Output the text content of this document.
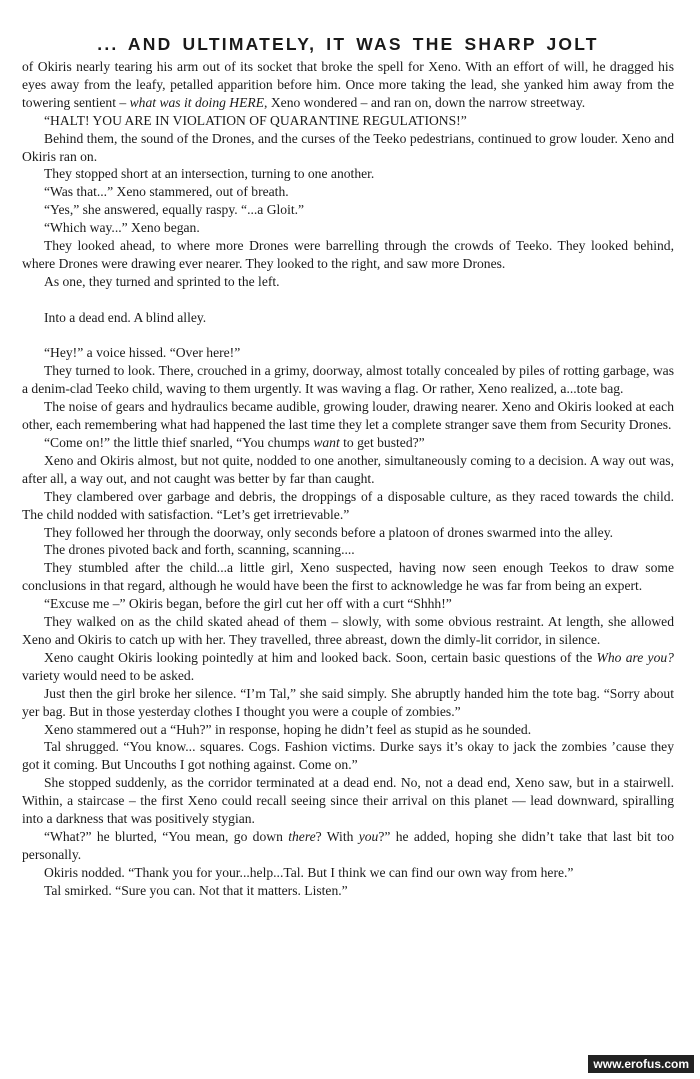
... AND ULTIMATELY, IT WAS THE SHARP JOLT

of Okiris nearly tearing his arm out of its socket that broke the spell for Xeno. With an effort of will, he dragged his eyes away from the leafy, petalled apparition before him. Once more taking the lead, she yanked him away from the towering sentient – what was it doing HERE, Xeno wondered – and ran on, down the narrow streetway.

“HALT! YOU ARE IN VIOLATION OF QUARANTINE REGULATIONS!”

Behind them, the sound of the Drones, and the curses of the Teeko pedestrians, continued to grow louder. Xeno and Okiris ran on.

They stopped short at an intersection, turning to one another.

“Was that...” Xeno stammered, out of breath.

“Yes,” she answered, equally raspy. “...a Gloit.”

“Which way...” Xeno began.

They looked ahead, to where more Drones were barrelling through the crowds of Teeko. They looked behind, where Drones were drawing ever nearer. They looked to the right, and saw more Drones.

As one, they turned and sprinted to the left.

Into a dead end. A blind alley.

“Hey!” a voice hissed. “Over here!”

They turned to look. There, crouched in a grimy, doorway, almost totally concealed by piles of rotting garbage, was a denim-clad Teeko child, waving to them urgently. It was waving a flag. Or rather, Xeno realized, a...tote bag.

The noise of gears and hydraulics became audible, growing louder, drawing nearer. Xeno and Okiris looked at each other, each remembering what had happened the last time they let a complete stranger save them from Security Drones.

“Come on!” the little thief snarled, “You chumps want to get busted?”

Xeno and Okiris almost, but not quite, nodded to one another, simultaneously coming to a decision. A way out was, after all, a way out, and not caught was better by far than caught.

They clambered over garbage and debris, the droppings of a disposable culture, as they raced towards the child. The child nodded with satisfaction. “Let’s get irretrievable.”

They followed her through the doorway, only seconds before a platoon of drones swarmed into the alley.

The drones pivoted back and forth, scanning, scanning....

They stumbled after the child...a little girl, Xeno suspected, having now seen enough Teekos to draw some conclusions in that regard, although he would have been the first to acknowledge he was far from being an expert.

“Excuse me –” Okiris began, before the girl cut her off with a curt “Shhh!”

They walked on as the child skated ahead of them – slowly, with some obvious restraint. At length, she allowed Xeno and Okiris to catch up with her. They travelled, three abreast, down the dimly-lit corridor, in silence.

Xeno caught Okiris looking pointedly at him and looked back. Soon, certain basic questions of the Who are you? variety would need to be asked.

Just then the girl broke her silence. “I’m Tal,” she said simply. She abruptly handed him the tote bag. “Sorry about yer bag. But in those yesterday clothes I thought you were a couple of zombies.”

Xeno stammered out a “Huh?” in response, hoping he didn’t feel as stupid as he sounded.

Tal shrugged. “You know... squares. Cogs. Fashion victims. Durke says it’s okay to jack the zombies ’cause they got it coming. But Uncouths I got nothing against. Come on.”

She stopped suddenly, as the corridor terminated at a dead end. No, not a dead end, Xeno saw, but in a stairwell. Within, a staircase – the first Xeno could recall seeing since their arrival on this planet — lead downward, spiralling into a darkness that was positively stygian.

“What?” he blurted, “You mean, go down there? With you?” he added, hoping she didn’t take that last bit too personally.

Okiris nodded. “Thank you for your...help...Tal. But I think we can find our own way from here.”

Tal smirked. “Sure you can. Not that it matters. Listen.”

www.erofus.com
